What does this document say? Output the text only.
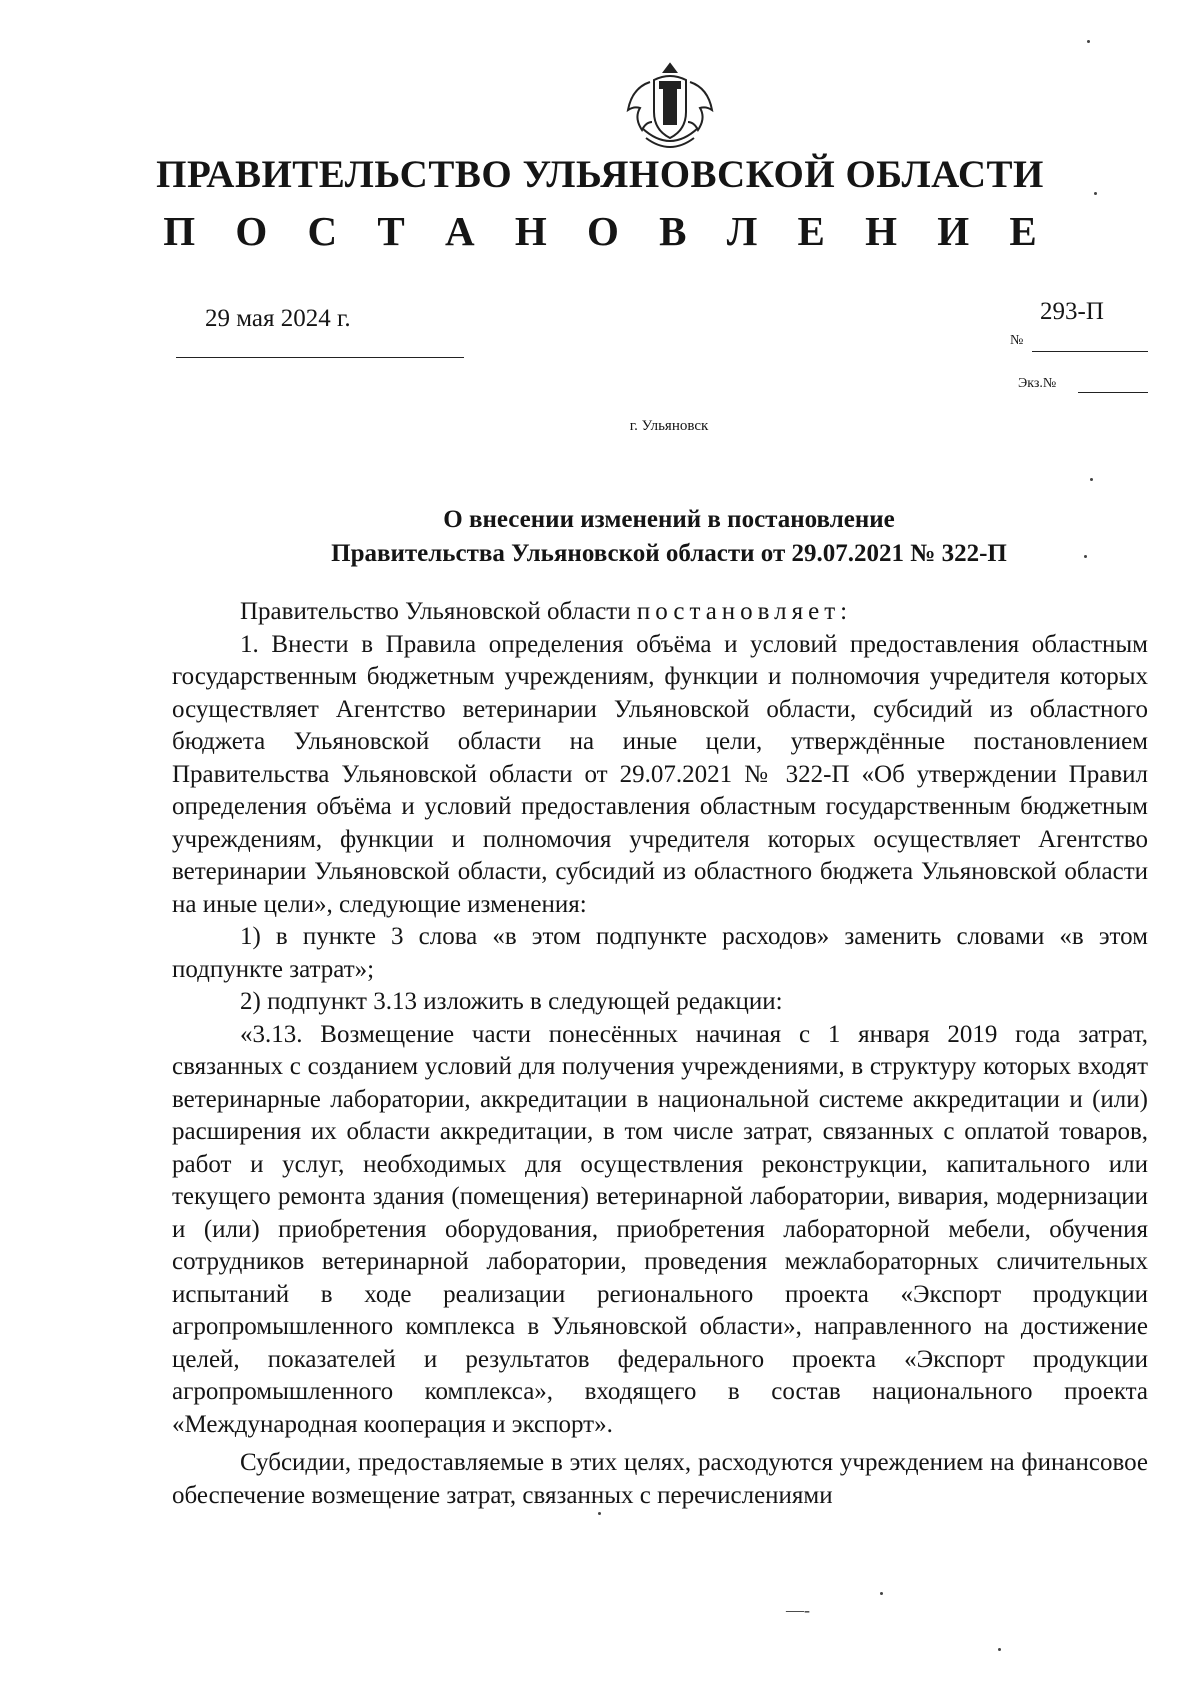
ПРАВИТЕЛЬСТВО УЛЬЯНОВСКОЙ ОБЛАСТИ
П О С Т А Н О В Л Е Н И Е
29 мая 2024 г.	293-П
№
Экз.№
г. Ульяновск
О внесении изменений в постановление
Правительства Ульяновской области от 29.07.2021 № 322-П

Правительство Ульяновской области постановляет:

1. Внести в Правила определения объёма и условий предоставления областным государственным бюджетным учреждениям, функции и полномочия учредителя которых осуществляет Агентство ветеринарии Ульяновской области, субсидий из областного бюджета Ульяновской области на иные цели, утверждённые постановлением Правительства Ульяновской области от 29.07.2021 № 322-П «Об утверждении Правил определения объёма и условий предоставления областным государственным бюджетным учреждениям, функции и полномочия учредителя которых осуществляет Агентство ветеринарии Ульяновской области, субсидий из областного бюджета Ульяновской области на иные цели», следующие изменения:

1) в пункте 3 слова «в этом подпункте расходов» заменить словами «в этом подпункте затрат»;

2) подпункт 3.13 изложить в следующей редакции:

«3.13. Возмещение части понесённых начиная с 1 января 2019 года затрат, связанных с созданием условий для получения учреждениями, в структуру которых входят ветеринарные лаборатории, аккредитации в национальной системе аккредитации и (или) расширения их области аккредитации, в том числе затрат, связанных с оплатой товаров, работ и услуг, необходимых для осуществления реконструкции, капитального или текущего ремонта здания (помещения) ветеринарной лаборатории, вивария, модернизации и (или) приобретения оборудования, приобретения лабораторной мебели, обучения сотрудников ветеринарной лаборатории, проведения межлабораторных сличительных испытаний в ходе реализации регионального проекта «Экспорт продукции агропромышленного комплекса в Ульяновской области», направленного на достижение целей, показателей и результатов федерального проекта «Экспорт продукции агропромышленного комплекса», входящего в состав национального проекта «Международная кооперация и экспорт».

Субсидии, предоставляемые в этих целях, расходуются учреждением на финансовое обеспечение возмещение затрат, связанных с перечислениями

—-
